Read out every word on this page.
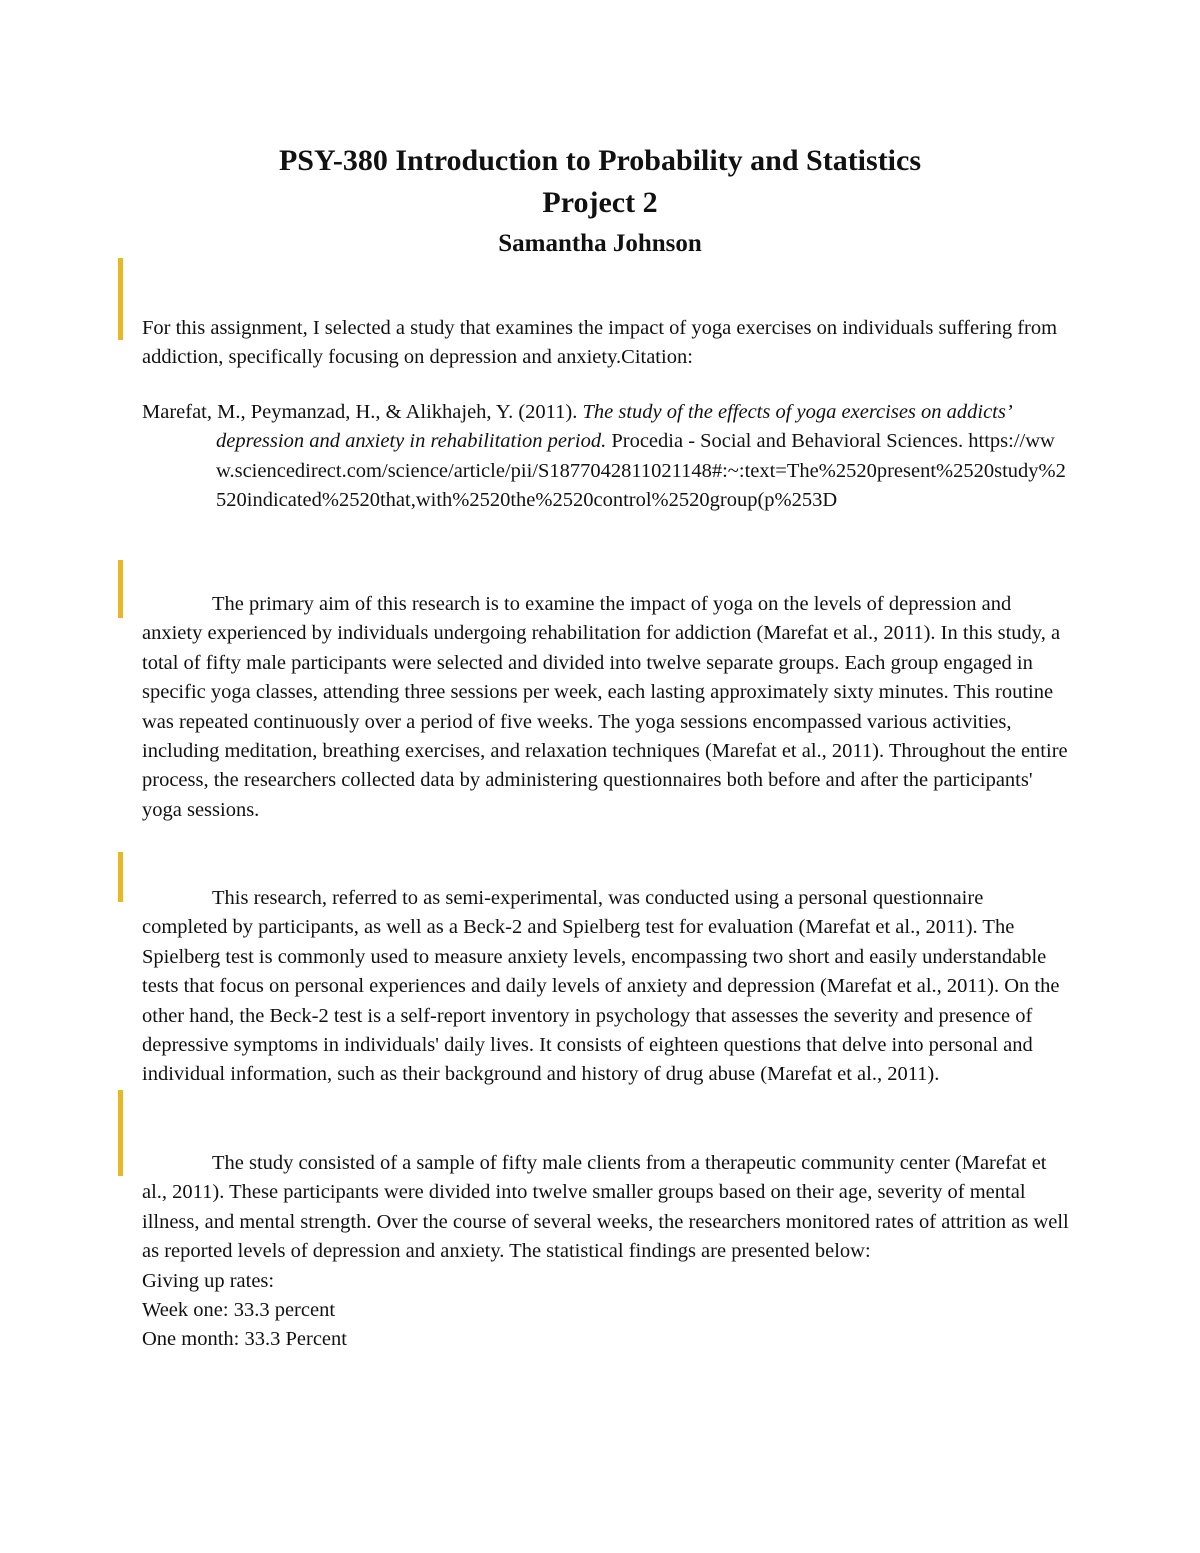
PSY-380 Introduction to Probability and Statistics
Project 2
Samantha Johnson

For this assignment, I selected a study that examines the impact of yoga exercises on individuals suffering from addiction, specifically focusing on depression and anxiety.Citation:

Marefat, M., Peymanzad, H., & Alikhajeh, Y. (2011). The study of the effects of yoga exercises on addicts’ depression and anxiety in rehabilitation period. Procedia - Social and Behavioral Sciences. https://www.sciencedirect.com/science/article/pii/S1877042811021148#:~:text=The%2520present%2520study%2520indicated%2520that,with%2520the%2520control%2520group(p%253D

The primary aim of this research is to examine the impact of yoga on the levels of depression and anxiety experienced by individuals undergoing rehabilitation for addiction (Marefat et al., 2011). In this study, a total of fifty male participants were selected and divided into twelve separate groups. Each group engaged in specific yoga classes, attending three sessions per week, each lasting approximately sixty minutes. This routine was repeated continuously over a period of five weeks. The yoga sessions encompassed various activities, including meditation, breathing exercises, and relaxation techniques (Marefat et al., 2011). Throughout the entire process, the researchers collected data by administering questionnaires both before and after the participants' yoga sessions.

This research, referred to as semi-experimental, was conducted using a personal questionnaire completed by participants, as well as a Beck-2 and Spielberg test for evaluation (Marefat et al., 2011). The Spielberg test is commonly used to measure anxiety levels, encompassing two short and easily understandable tests that focus on personal experiences and daily levels of anxiety and depression (Marefat et al., 2011). On the other hand, the Beck-2 test is a self-report inventory in psychology that assesses the severity and presence of depressive symptoms in individuals' daily lives. It consists of eighteen questions that delve into personal and individual information, such as their background and history of drug abuse (Marefat et al., 2011).

The study consisted of a sample of fifty male clients from a therapeutic community center (Marefat et al., 2011). These participants were divided into twelve smaller groups based on their age, severity of mental illness, and mental strength. Over the course of several weeks, the researchers monitored rates of attrition as well as reported levels of depression and anxiety. The statistical findings are presented below:

Giving up rates:

Week one: 33.3 percent

One month: 33.3 Percent
